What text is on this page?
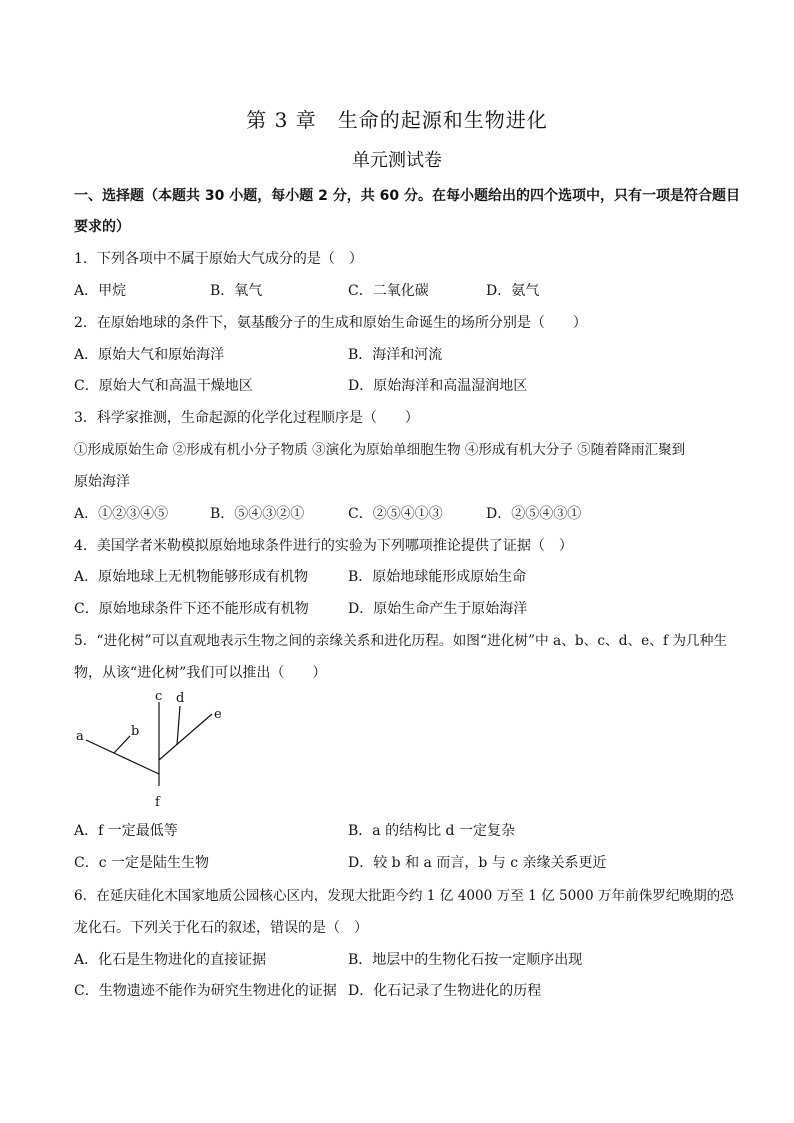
第 3 章　生命的起源和生物进化
单元测试卷
一、选择题（本题共 30 小题，每小题 2 分，共 60 分。在每小题给出的四个选项中，只有一项是符合题目
要求的）
1．下列各项中不属于原始大气成分的是（　）
A．甲烷	B．氧气	C．二氧化碳	D．氨气
2．在原始地球的条件下，氨基酸分子的生成和原始生命诞生的场所分别是（　　）
A．原始大气和原始海洋	B．海洋和河流
C．原始大气和高温干燥地区	D．原始海洋和高温湿润地区
3．科学家推测，生命起源的化学化过程顺序是（　　）
①形成原始生命 ②形成有机小分子物质 ③演化为原始单细胞生物 ④形成有机大分子 ⑤随着降雨汇聚到
原始海洋
A．①②③④⑤	B．⑤④③②①	C．②⑤④①③	D．②⑤④③①
4．美国学者米勒模拟原始地球条件进行的实验为下列哪项推论提供了证据（　）
A．原始地球上无机物能够形成有机物	B．原始地球能形成原始生命
C．原始地球条件下还不能形成有机物	D．原始生命产生于原始海洋
5．“进化树”可以直观地表示生物之间的亲缘关系和进化历程。如图“进化树”中 a、b、c、d、e、f 为几种生
物，从该“进化树”我们可以推出（　　）
a	b
c d
e
f
A．f 一定最低等	B．a 的结构比 d 一定复杂
C．c 一定是陆生生物	D．较 b 和 a 而言，b 与 c 亲缘关系更近
6．在延庆硅化木国家地质公园核心区内，发现大批距今约 1 亿 4000 万至 1 亿 5000 万年前侏罗纪晚期的恐
龙化石。下列关于化石的叙述，错误的是（　）
A．化石是生物进化的直接证据	B．地层中的生物化石按一定顺序出现
C．生物遗迹不能作为研究生物进化的证据 D．化石记录了生物进化的历程
